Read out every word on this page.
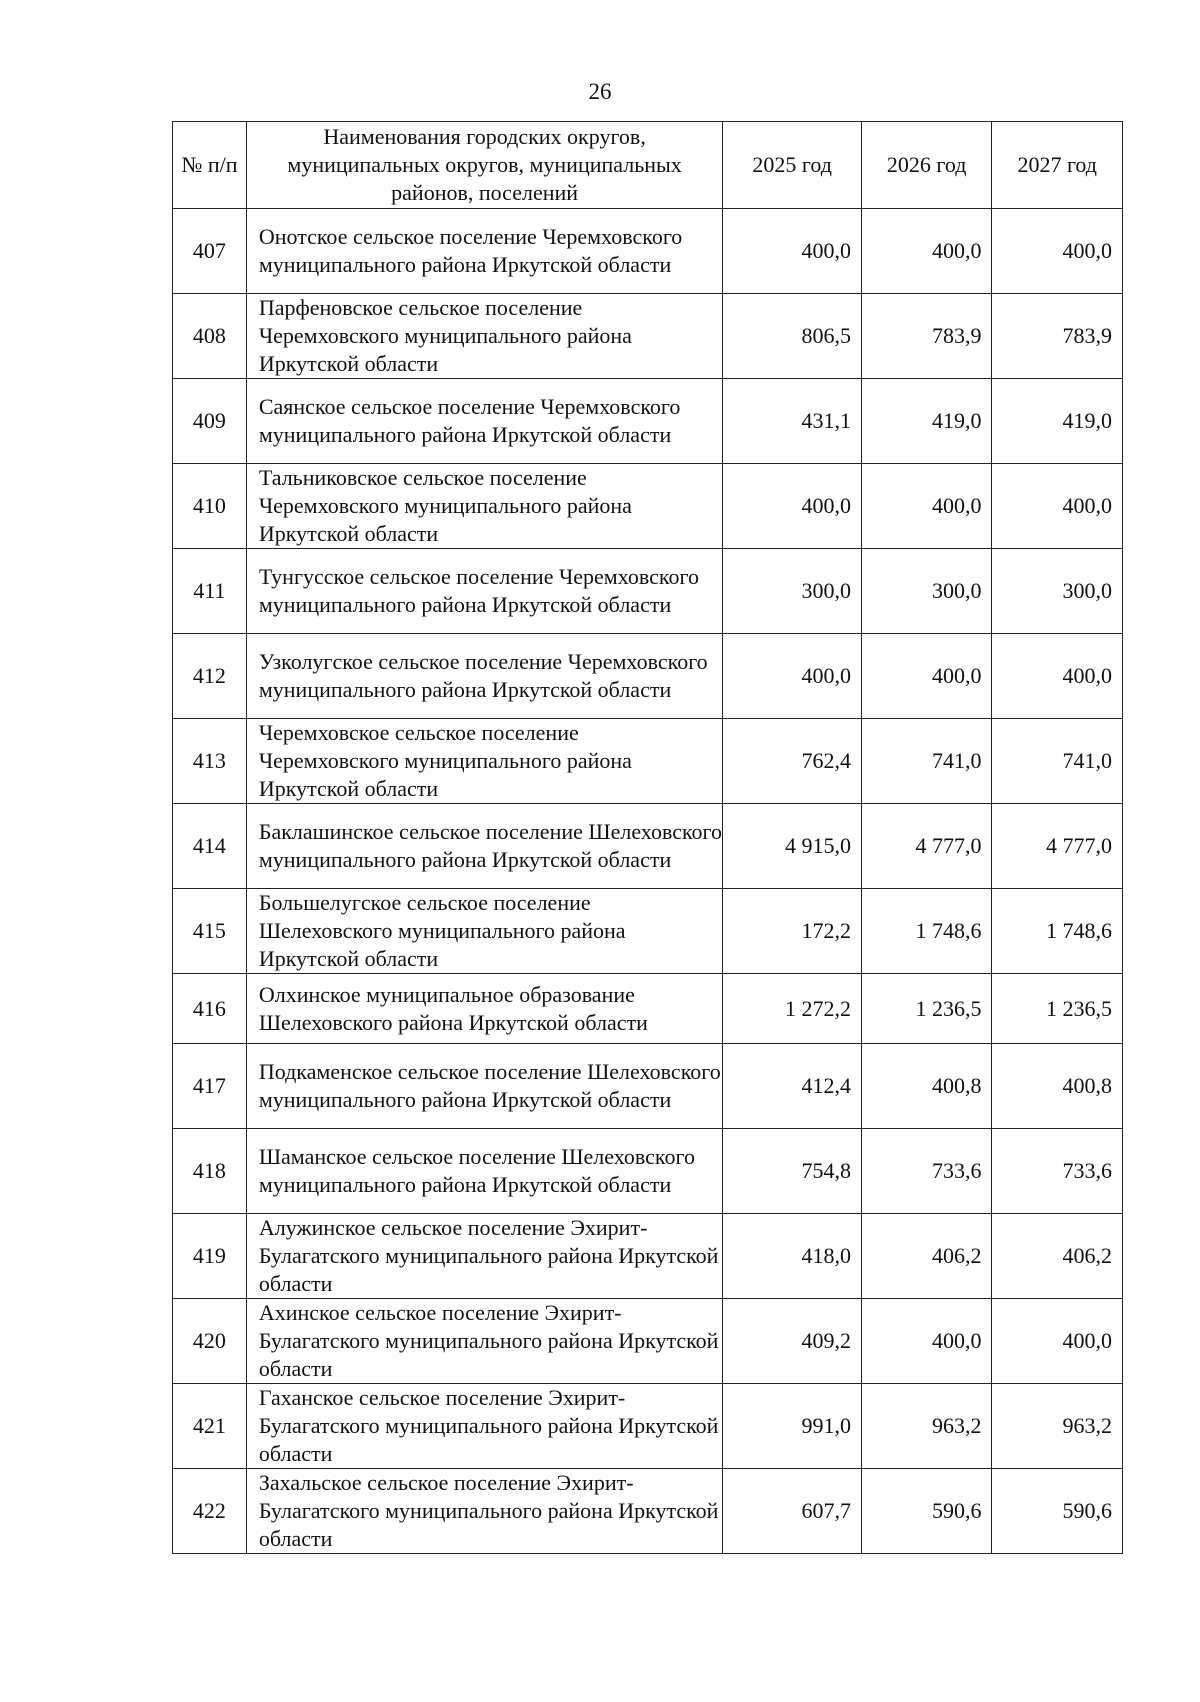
26
№ п/п	Наименования городских округов, муниципальных округов, муниципальных районов, поселений	2025 год	2026 год	2027 год
407	Онотское сельское поселение Черемховского муниципального района Иркутской области	400,0	400,0	400,0
408	Парфеновское сельское поселение Черемховского муниципального района Иркутской области	806,5	783,9	783,9
409	Саянское сельское поселение Черемховского муниципального района Иркутской области	431,1	419,0	419,0
410	Тальниковское сельское поселение Черемховского муниципального района Иркутской области	400,0	400,0	400,0
411	Тунгусское сельское поселение Черемховского муниципального района Иркутской области	300,0	300,0	300,0
412	Узколугское сельское поселение Черемховского муниципального района Иркутской области	400,0	400,0	400,0
413	Черемховское сельское поселение Черемховского муниципального района Иркутской области	762,4	741,0	741,0
414	Баклашинское сельское поселение Шелеховского муниципального района Иркутской области	4 915,0	4 777,0	4 777,0
415	Большелугское сельское поселение Шелеховского муниципального района Иркутской области	172,2	1 748,6	1 748,6
416	Олхинское муниципальное образование Шелеховского района Иркутской области	1 272,2	1 236,5	1 236,5
417	Подкаменское сельское поселение Шелеховского муниципального района Иркутской области	412,4	400,8	400,8
418	Шаманское сельское поселение Шелеховского муниципального района Иркутской области	754,8	733,6	733,6
419	Алужинское сельское поселение Эхирит-Булагатского муниципального района Иркутской области	418,0	406,2	406,2
420	Ахинское сельское поселение Эхирит-Булагатского муниципального района Иркутской области	409,2	400,0	400,0
421	Гаханское сельское поселение Эхирит-Булагатского муниципального района Иркутской области	991,0	963,2	963,2
422	Захальское сельское поселение Эхирит-Булагатского муниципального района Иркутской области	607,7	590,6	590,6
